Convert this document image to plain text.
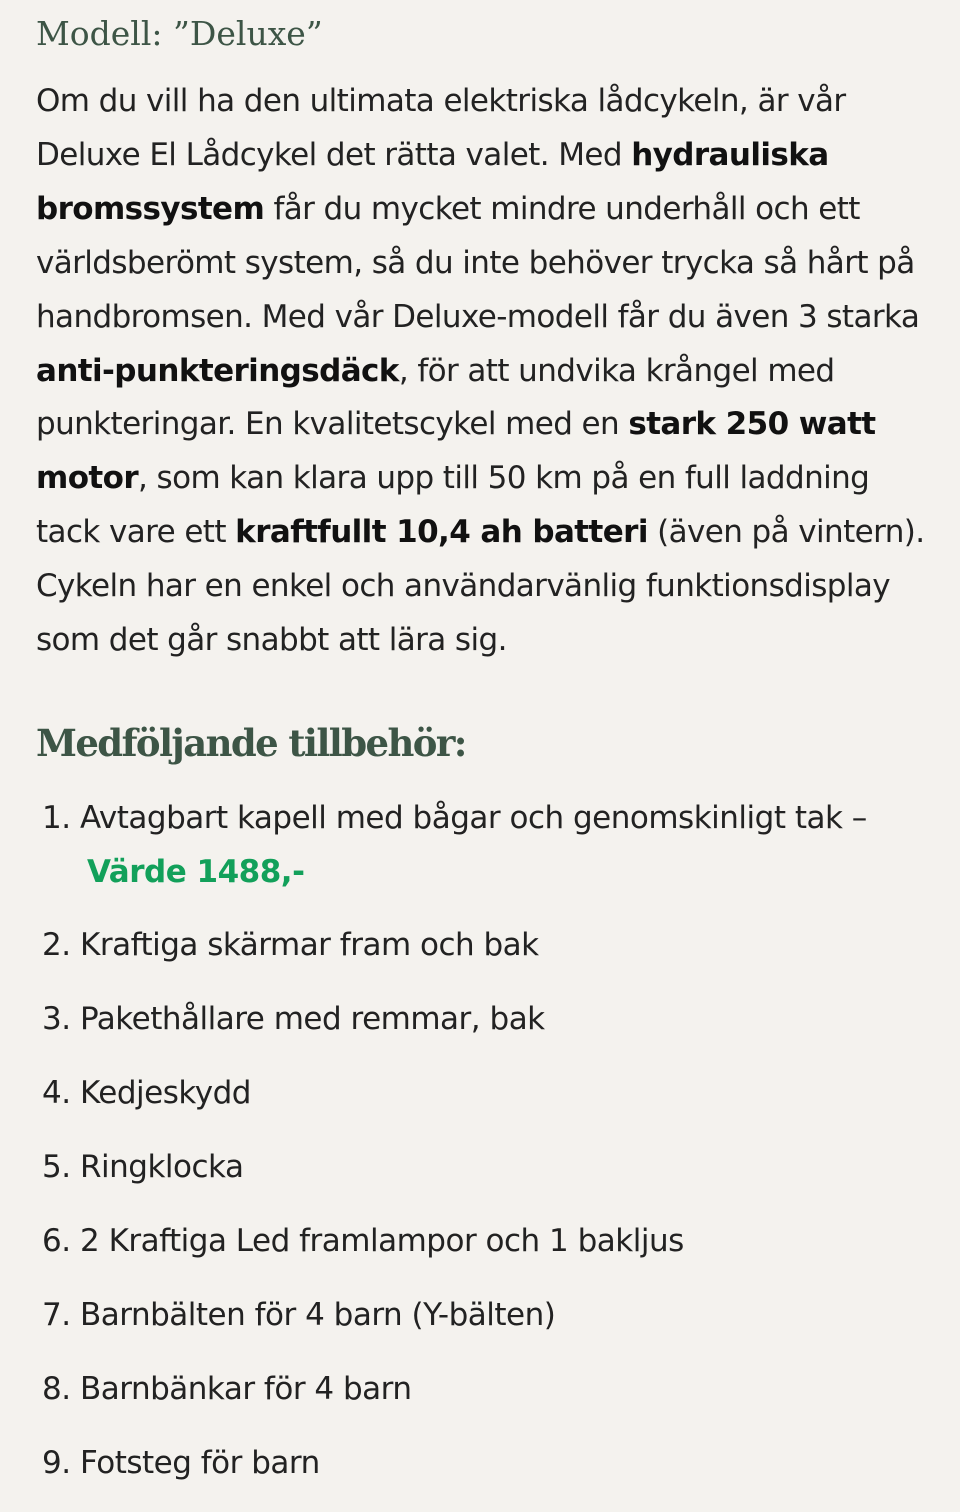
Modell: ”Deluxe”

Om du vill ha den ultimata elektriska lådcykeln, är vår Deluxe El Lådcykel det rätta valet. Med hydrauliska bromssystem får du mycket mindre underhåll och ett världsberömt system, så du inte behöver trycka så hårt på handbromsen. Med vår Deluxe-modell får du även 3 starka anti-punkteringsdäck, för att undvika krångel med punkteringar. En kvalitetscykel med en stark 250 watt motor, som kan klara upp till 50 km på en full laddning tack vare ett kraftfullt 10,4 ah batteri (även på vintern). Cykeln har en enkel och användarvänlig funktionsdisplay som det går snabbt att lära sig.

Medföljande tillbehör:
1. Avtagbart kapell med bågar och genomskinligt tak –
Värde 1488,-
2. Kraftiga skärmar fram och bak
3. Pakethållare med remmar, bak
4. Kedjeskydd
5. Ringklocka
6. 2 Kraftiga Led framlampor och 1 bakljus
7. Barnbälten för 4 barn (Y-bälten)
8. Barnbänkar för 4 barn
9. Fotsteg för barn
